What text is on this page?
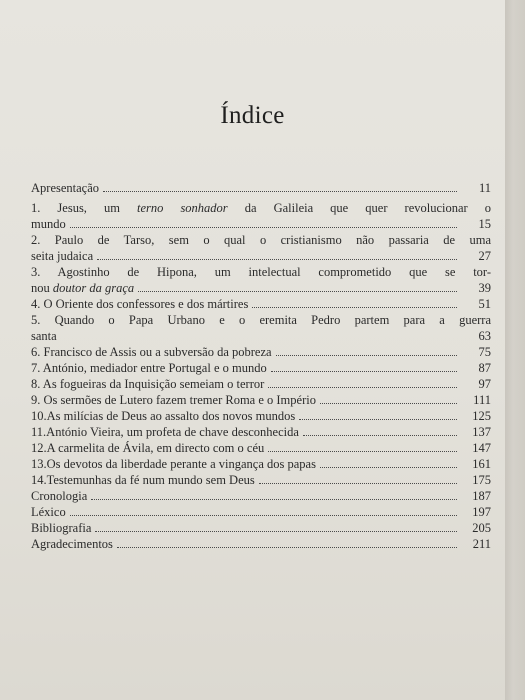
Índice
Apresentação	11
1. Jesus, um terno sonhador da Galileia que quer revolucionar o
mundo	15
2. Paulo de Tarso, sem o qual o cristianismo não passaria de uma
seita judaica	27
3. Agostinho de Hipona, um intelectual comprometido que se tor-
nou doutor da graça	39
4. O Oriente dos confessores e dos mártires	51
5. Quando o Papa Urbano e o eremita Pedro partem para a guerra
santa	63
6. Francisco de Assis ou a subversão da pobreza	75
7. António, mediador entre Portugal e o mundo	87
8. As fogueiras da Inquisição semeiam o terror	97
9. Os sermões de Lutero fazem tremer Roma e o Império	111
10.As milícias de Deus ao assalto dos novos mundos	125
11.António Vieira, um profeta de chave desconhecida	137
12.A carmelita de Ávila, em directo com o céu	147
13.Os devotos da liberdade perante a vingança dos papas	161
14.Testemunhas da fé num mundo sem Deus	175
Cronologia	187
Léxico	197
Bibliografia	205
Agradecimentos	211
